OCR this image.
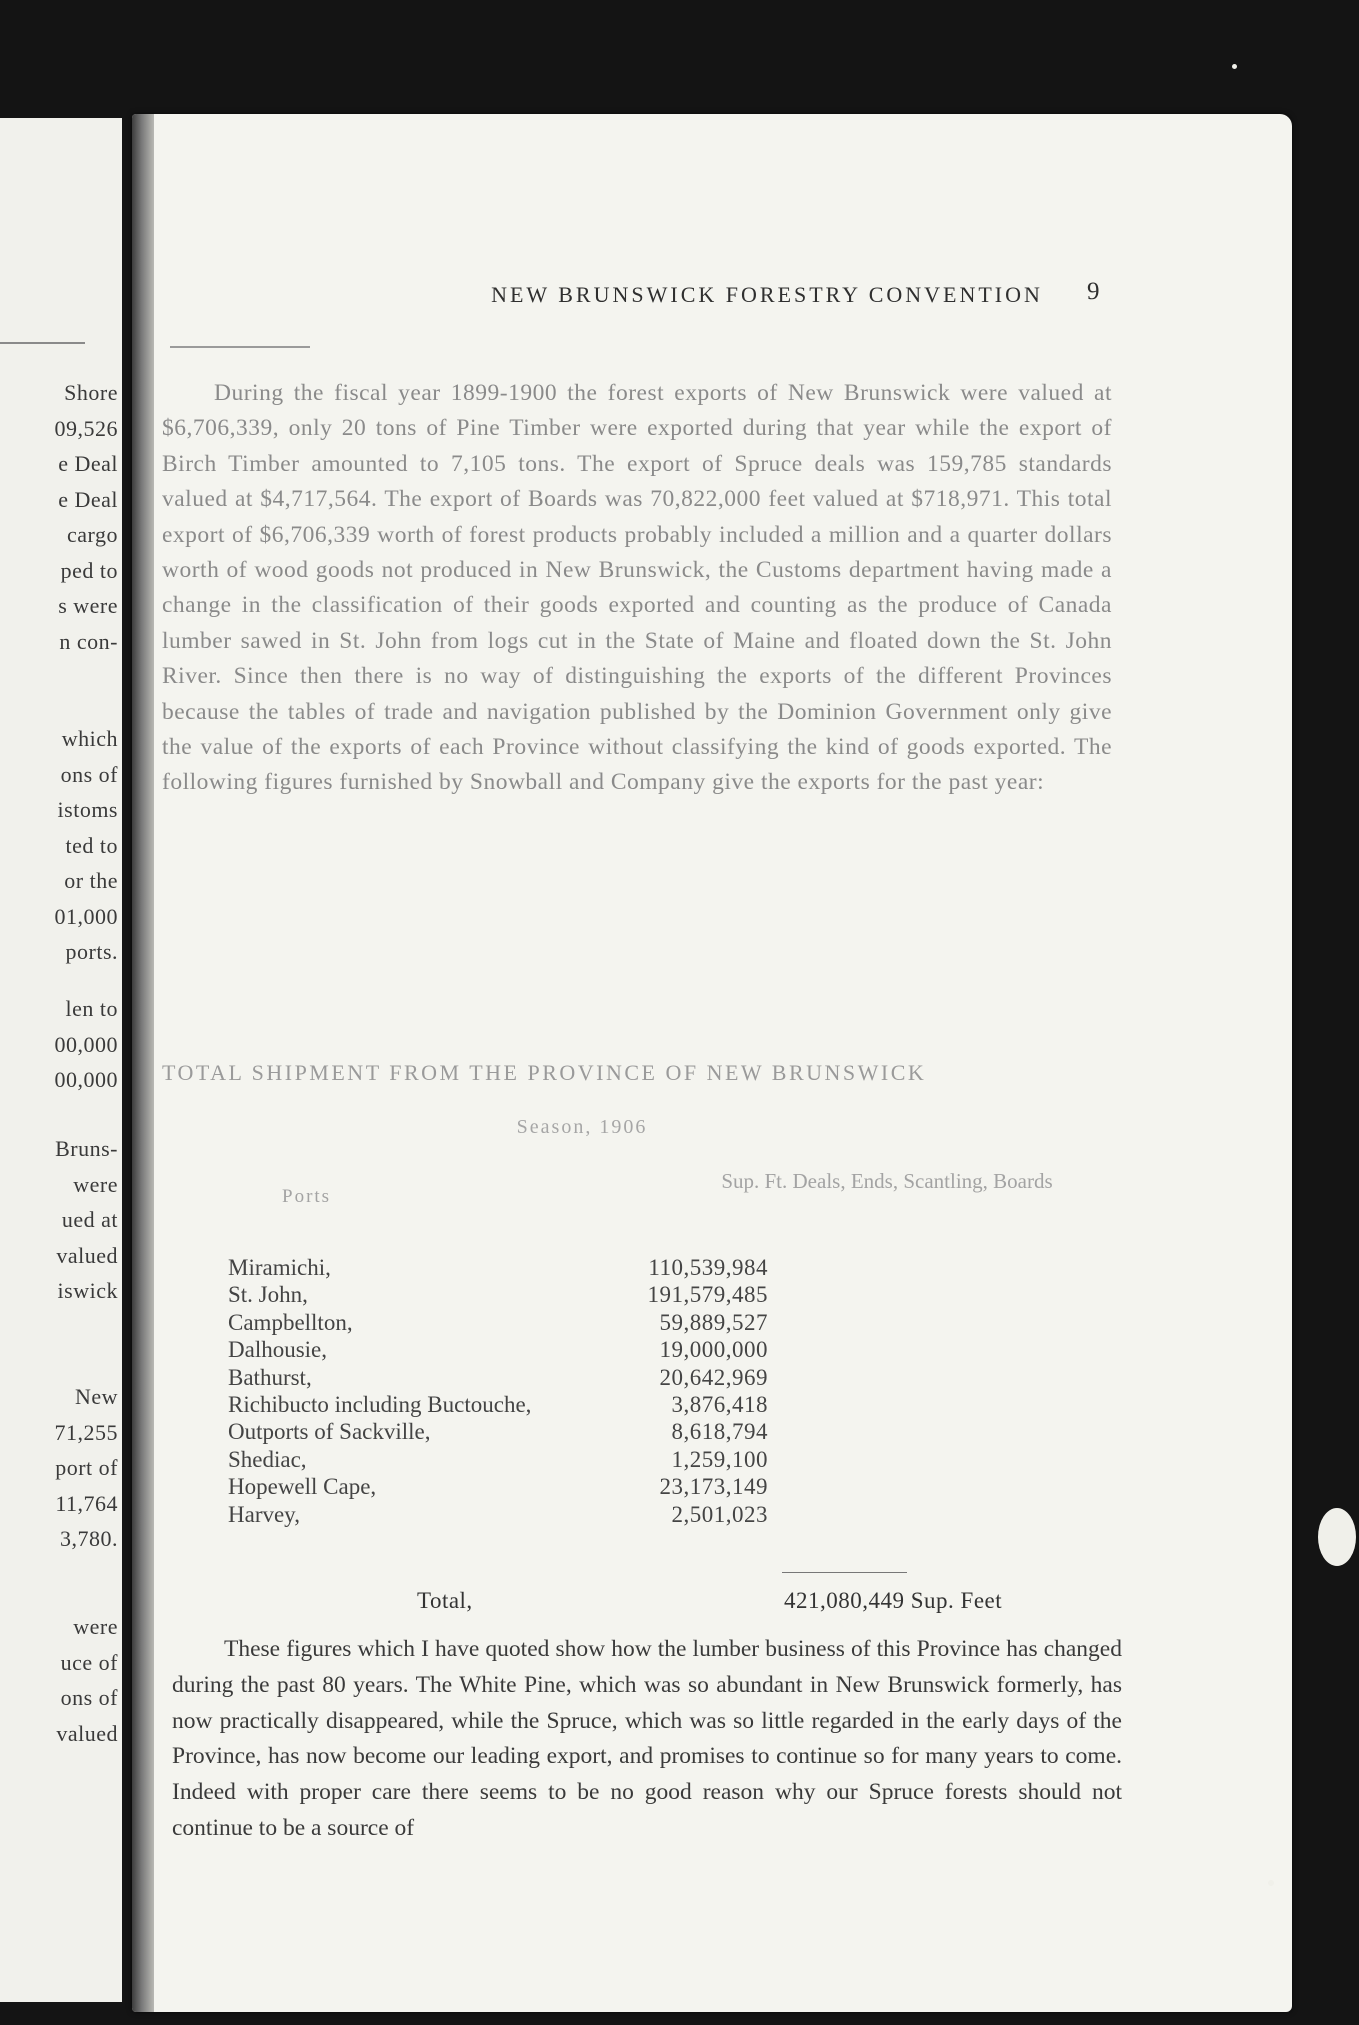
Shore
09,526
e Deal
e Deal
cargo
ped to
s were
n con-
which
ons of
istoms
ted to
or the
01,000
ports.
len to
00,000
00,000
Bruns-
were
ued at
valued
iswick
New
71,255
port of
11,764
3,780.
were
uce of
ons of
valued
NEW BRUNSWICK FORESTRY CONVENTION	9

During the fiscal year 1899-1900 the forest exports of New Brunswick were valued at $6,706,339, only 20 tons of Pine Timber were exported during that year while the export of Birch Timber amounted to 7,105 tons. The export of Spruce deals was 159,785 standards valued at $4,717,564. The export of Boards was 70,822,000 feet valued at $718,971. This total export of $6,706,339 worth of forest products probably included a million and a quarter dollars worth of wood goods not produced in New Brunswick, the Customs department having made a change in the classification of their goods exported and counting as the produce of Canada lumber sawed in St. John from logs cut in the State of Maine and floated down the St. John River. Since then there is no way of distinguishing the exports of the different Provinces because the tables of trade and navigation published by the Dominion Government only give the value of the exports of each Province without classifying the kind of goods exported. The following figures furnished by Snowball and Company give the exports for the past year:

TOTAL SHIPMENT FROM THE PROVINCE OF NEW BRUNSWICK
Season, 1906
Ports
Sup. Ft. Deals, Ends, Scantling, Boards
Miramichi,	110,539,984
St. John,	191,579,485
Campbellton,	59,889,527
Dalhousie,	19,000,000
Bathurst,	20,642,969
Richibucto including Buctouche,	3,876,418
Outports of Sackville,	8,618,794
Shediac,	1,259,100
Hopewell Cape,	23,173,149
Harvey,	2,501,023
Total,	421,080,449 Sup. Feet

These figures which I have quoted show how the lumber business of this Province has changed during the past 80 years. The White Pine, which was so abundant in New Brunswick formerly, has now practically disappeared, while the Spruce, which was so little regarded in the early days of the Province, has now become our leading export, and promises to continue so for many years to come. Indeed with proper care there seems to be no good reason why our Spruce forests should not continue to be a source of
